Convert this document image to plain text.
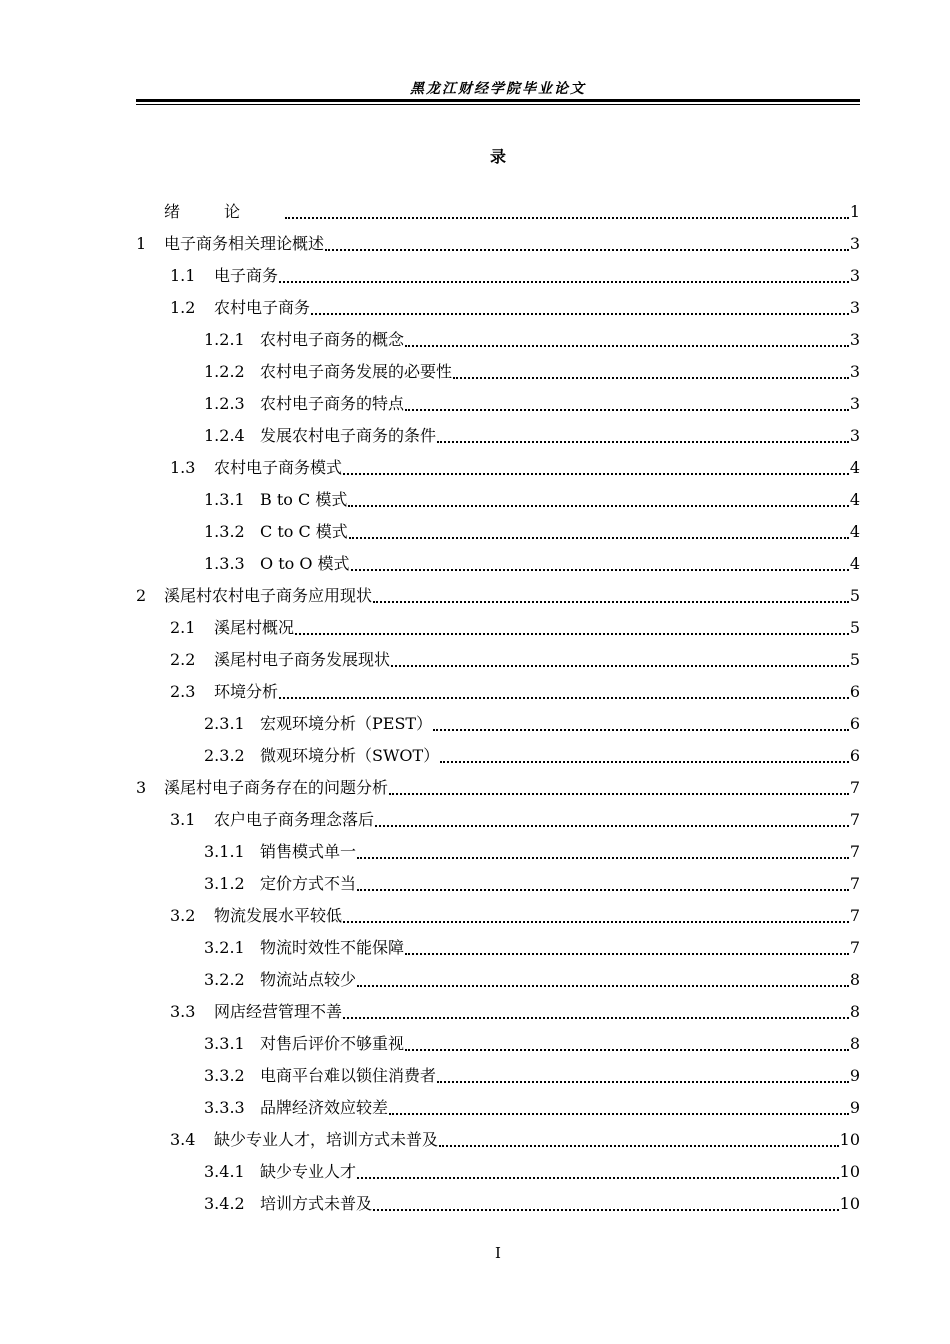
黑龙江财经学院毕业论文
录
绪论	1
1	电子商务相关理论概述	3
1.1	电子商务	3
1.2	农村电子商务	3
1.2.1 农村电子商务的概念	3
1.2.2 农村电子商务发展的必要性	3
1.2.3 农村电子商务的特点	3
1.2.4 发展农村电子商务的条件	3
1.3	农村电子商务模式	4
1.3.1 B to C 模式	4
1.3.2 C to C 模式	4
1.3.3 O to O 模式	4
2	溪尾村农村电子商务应用现状	5
2.1	溪尾村概况	5
2.2	溪尾村电子商务发展现状	5
2.3	环境分析	6
2.3.1 宏观环境分析（PEST）	6
2.3.2 微观环境分析（SWOT）	6
3	溪尾村电子商务存在的问题分析	7
3.1	农户电子商务理念落后	7
3.1.1 销售模式单一	7
3.1.2 定价方式不当	7
3.2	物流发展水平较低	7
3.2.1 物流时效性不能保障	7
3.2.2 物流站点较少	8
3.3	网店经营管理不善	8
3.3.1 对售后评价不够重视	8
3.3.2 电商平台难以锁住消费者	9
3.3.3 品牌经济效应较差	9
3.4	缺少专业人才，培训方式未普及	10
3.4.1 缺少专业人才	10
3.4.2 培训方式未普及	10
I
